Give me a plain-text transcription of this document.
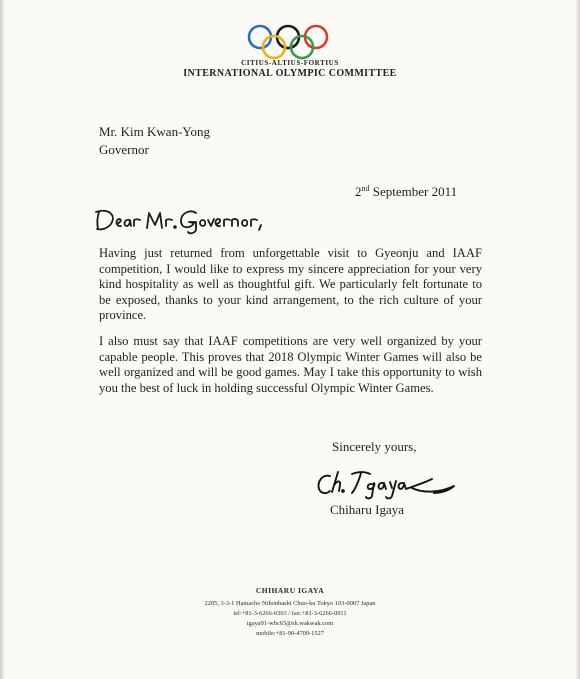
CITIUS-ALTIUS-FORTIUS
INTERNATIONAL OLYMPIC COMMITTEE
Mr. Kim Kwan-Yong
Governor
2nd September 2011

Having just returned from unforgettable visit to Gyeonju and IAAF competition, I would like to express my sincere appreciation for your very kind hospitality as well as thoughtful gift. We particularly felt fortunate to be exposed, thanks to your kind arrangement, to the rich culture of your province.

I also must say that IAAF competitions are very well organized by your capable people. This proves that 2018 Olympic Winter Games will also be well organized and will be good games. May I take this opportunity to wish you the best of luck in holding successful Olympic Winter Games.

Sincerely yours,
Chiharu Igaya
CHIHARU IGAYA
2205, 3-3-1 Hamacho Nihonbashi Chuo-ku Tokyo 103-0007 Japan
tel:+81-3-6266-0303 / fax:+81-3-6266-0911
igaya91-wbc65@sh.wakwak.com
mobile:+81-90-4709-1527
